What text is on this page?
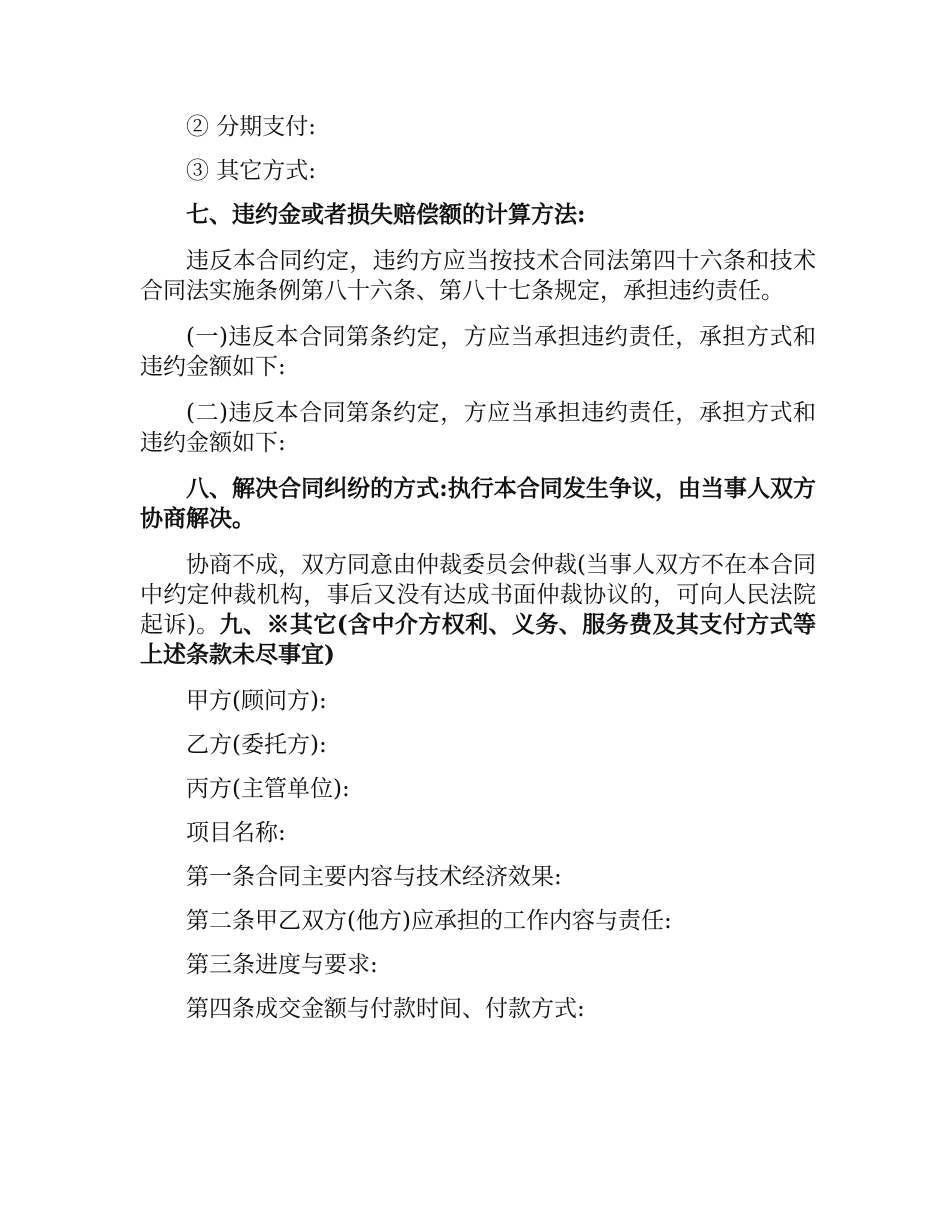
② 分期支付:

③ 其它方式:

七、违约金或者损失赔偿额的计算方法:

违反本合同约定，违约方应当按技术合同法第四十六条和技术合同法实施条例第八十六条、第八十七条规定，承担违约责任。

(一)违反本合同第条约定，方应当承担违约责任，承担方式和违约金额如下:

(二)违反本合同第条约定，方应当承担违约责任，承担方式和违约金额如下:

八、解决合同纠纷的方式:执行本合同发生争议，由当事人双方协商解决。

协商不成，双方同意由仲裁委员会仲裁(当事人双方不在本合同中约定仲裁机构，事后又没有达成书面仲裁协议的，可向人民法院起诉)。九、※其它(含中介方权利、义务、服务费及其支付方式等上述条款未尽事宜)

甲方(顾问方):

乙方(委托方):

丙方(主管单位):

项目名称:

第一条合同主要内容与技术经济效果:

第二条甲乙双方(他方)应承担的工作内容与责任:

第三条进度与要求:

第四条成交金额与付款时间、付款方式:
